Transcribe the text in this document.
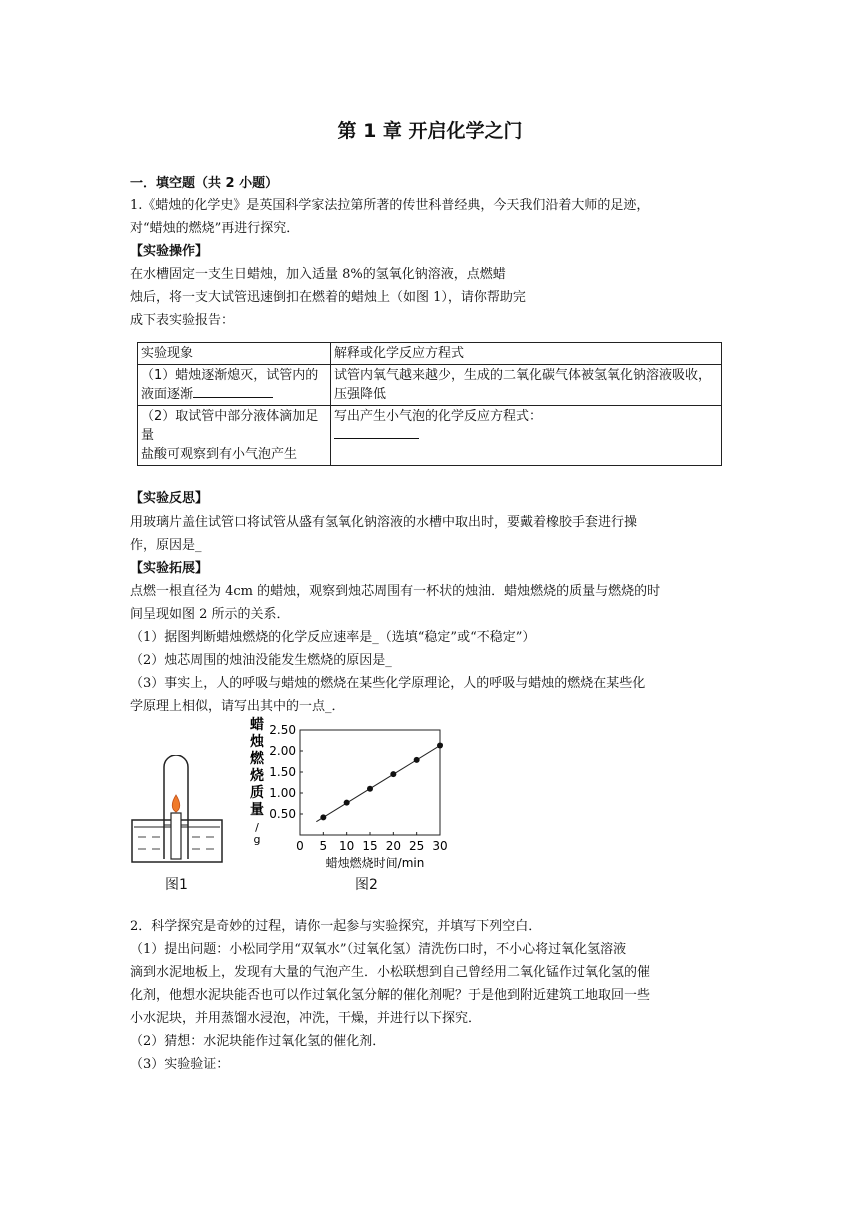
第 1 章 开启化学之门
一．填空题（共 2 小题）
1.《蜡烛的化学史》是英国科学家法拉第所著的传世科普经典，今天我们沿着大师的足迹，
对“蜡烛的燃烧”再进行探究．
【实验操作】
在水槽固定一支生日蜡烛，加入适量 8%的氢氧化钠溶液，点燃蜡
烛后，将一支大试管迅速倒扣在燃着的蜡烛上（如图 1），请你帮助完
成下表实验报告：
实验现象	解释或化学反应方程式

（1）蜡烛逐渐熄灭，试管内的
液面逐渐	试管内氧气越来越少，生成的二氧化碳气体被氢氧化钠溶液吸收，压强降低

（2）取试管中部分液体滴加足量
盐酸可观察到有小气泡产生	写出产生小气泡的化学反应方程式：
【实验反思】
用玻璃片盖住试管口将试管从盛有氢氧化钠溶液的水槽中取出时，要戴着橡胶手套进行操
作，原因是_
【实验拓展】
点燃一根直径为 4cm 的蜡烛，观察到烛芯周围有一杯状的烛油．蜡烛燃烧的质量与燃烧的时
间呈现如图 2 所示的关系．
（1）据图判断蜡烛燃烧的化学反应速率是_（选填“稳定”或“不稳定”）
（2）烛芯周围的烛油没能发生燃烧的原因是_
（3）事实上，人的呼吸与蜡烛的燃烧在某些化学原理论，人的呼吸与蜡烛的燃烧在某些化
学原理上相似，请写出其中的一点_．
图1
蜡
烛
燃
烧
质
量
/
g
0.50
1.00
1.50
2.00
2.50
0 5 10 15 20 25 30
蜡烛燃烧时间/min
图2
2．科学探究是奇妙的过程，请你一起参与实验探究，并填写下列空白．
（1）提出问题：小松同学用“双氧水”（过氧化氢）清洗伤口时，不小心将过氧化氢溶液
滴到水泥地板上，发现有大量的气泡产生．小松联想到自己曾经用二氧化锰作过氧化氢的催
化剂，他想水泥块能否也可以作过氧化氢分解的催化剂呢？于是他到附近建筑工地取回一些
小水泥块，并用蒸馏水浸泡，冲洗，干燥，并进行以下探究．
（2）猜想：水泥块能作过氧化氢的催化剂．
（3）实验验证：
